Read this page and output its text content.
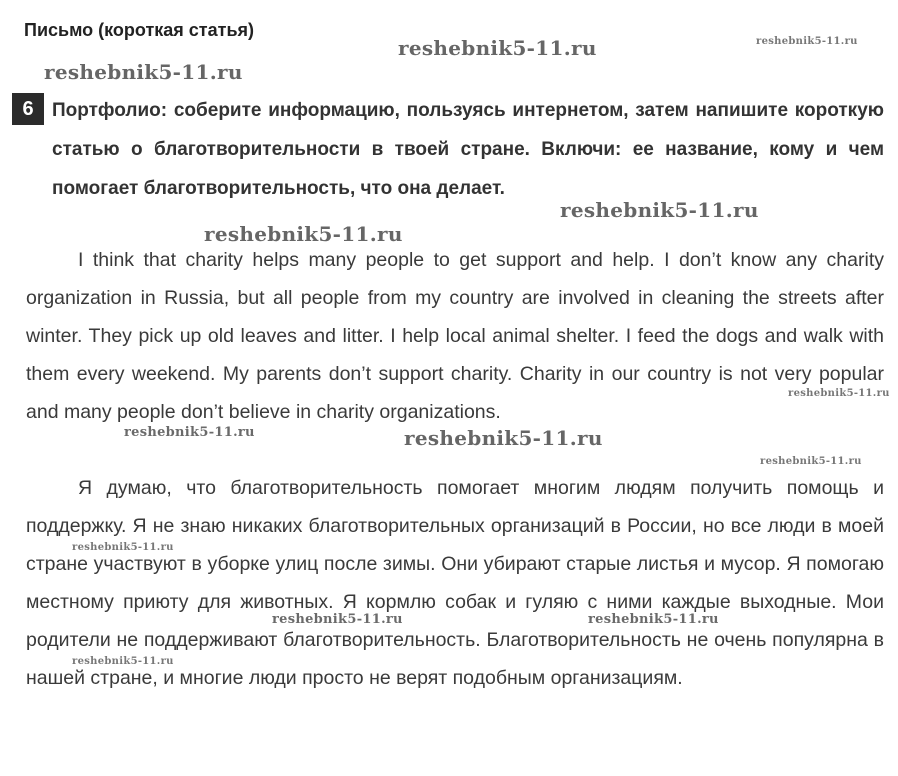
Письмо (короткая статья)
6 Портфолио: соберите информацию, пользуясь интернетом, затем напишите короткую статью о благотворительности в твоей стране. Включи: ее название, кому и чем помогает благотворительность, что она делает.

I think that charity helps many people to get support and help. I don’t know any charity organization in Russia, but all people from my country are involved in cleaning the streets after winter. They pick up old leaves and litter. I help local animal shelter. I feed the dogs and walk with them every weekend. My parents don’t support charity. Charity in our country is not very popular and many people don’t believe in charity organizations.

Я думаю, что благотворительность помогает многим людям получить помощь и поддержку. Я не знаю никаких благотворительных организаций в России, но все люди в моей стране участвуют в уборке улиц после зимы. Они убирают старые листья и мусор. Я помогаю местному приюту для животных. Я кормлю собак и гуляю с ними каждые выходные. Мои родители не поддерживают благотворительность. Благотворительность не очень популярна в нашей стране, и многие люди просто не верят подобным организациям.

reshebnik5-11.ru	reshebnik5-11.ru
reshebnik5-11.ru
reshebnik5-11.ru
reshebnik5-11.ru
reshebnik5-11.ru
reshebnik5-11.ru	reshebnik5-11.ru
reshebnik5-11.ru
reshebnik5-11.ru
reshebnik5-11.ru	reshebnik5-11.ru
reshebnik5-11.ru
